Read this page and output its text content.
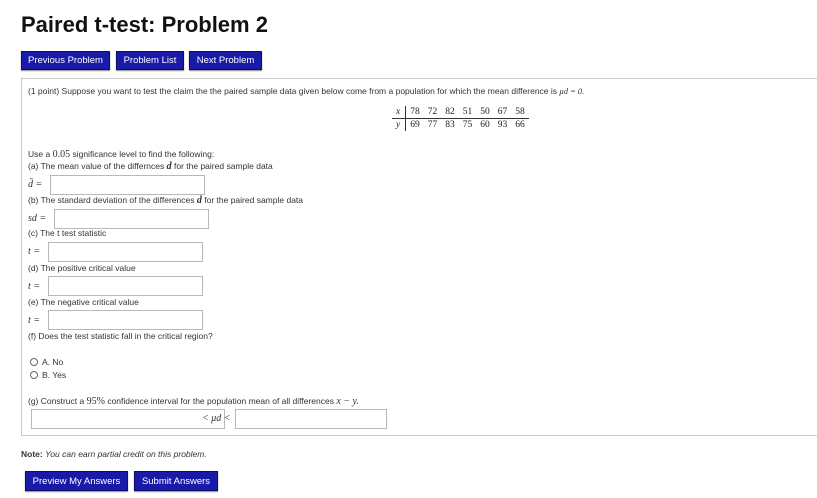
Paired t-test: Problem 2
Previous Problem	Problem List	Next Problem
(1 point) Suppose you want to test the claim the the paired sample data given below come from a population for which the mean difference is μd = 0.
x	78	72	82	51	50	67	58
y	69	77	83	75	60	93	66
Use a 0.05 significance level to find the following:
(a) The mean value of the differnces d for the paired sample data
d̄ =
(b) The standard deviation of the differences d for the paired sample data
sd =
(c) The t test statistic
t =
(d) The positive critical value
t =
(e) The negative critical value
t =
(f) Does the test statistic fall in the critical region?
A. No
B. Yes
(g) Construct a 95% confidence interval for the population mean of all differences x − y.
< μd <
Note: You can earn partial credit on this problem.
Preview My Answers	Submit Answers
